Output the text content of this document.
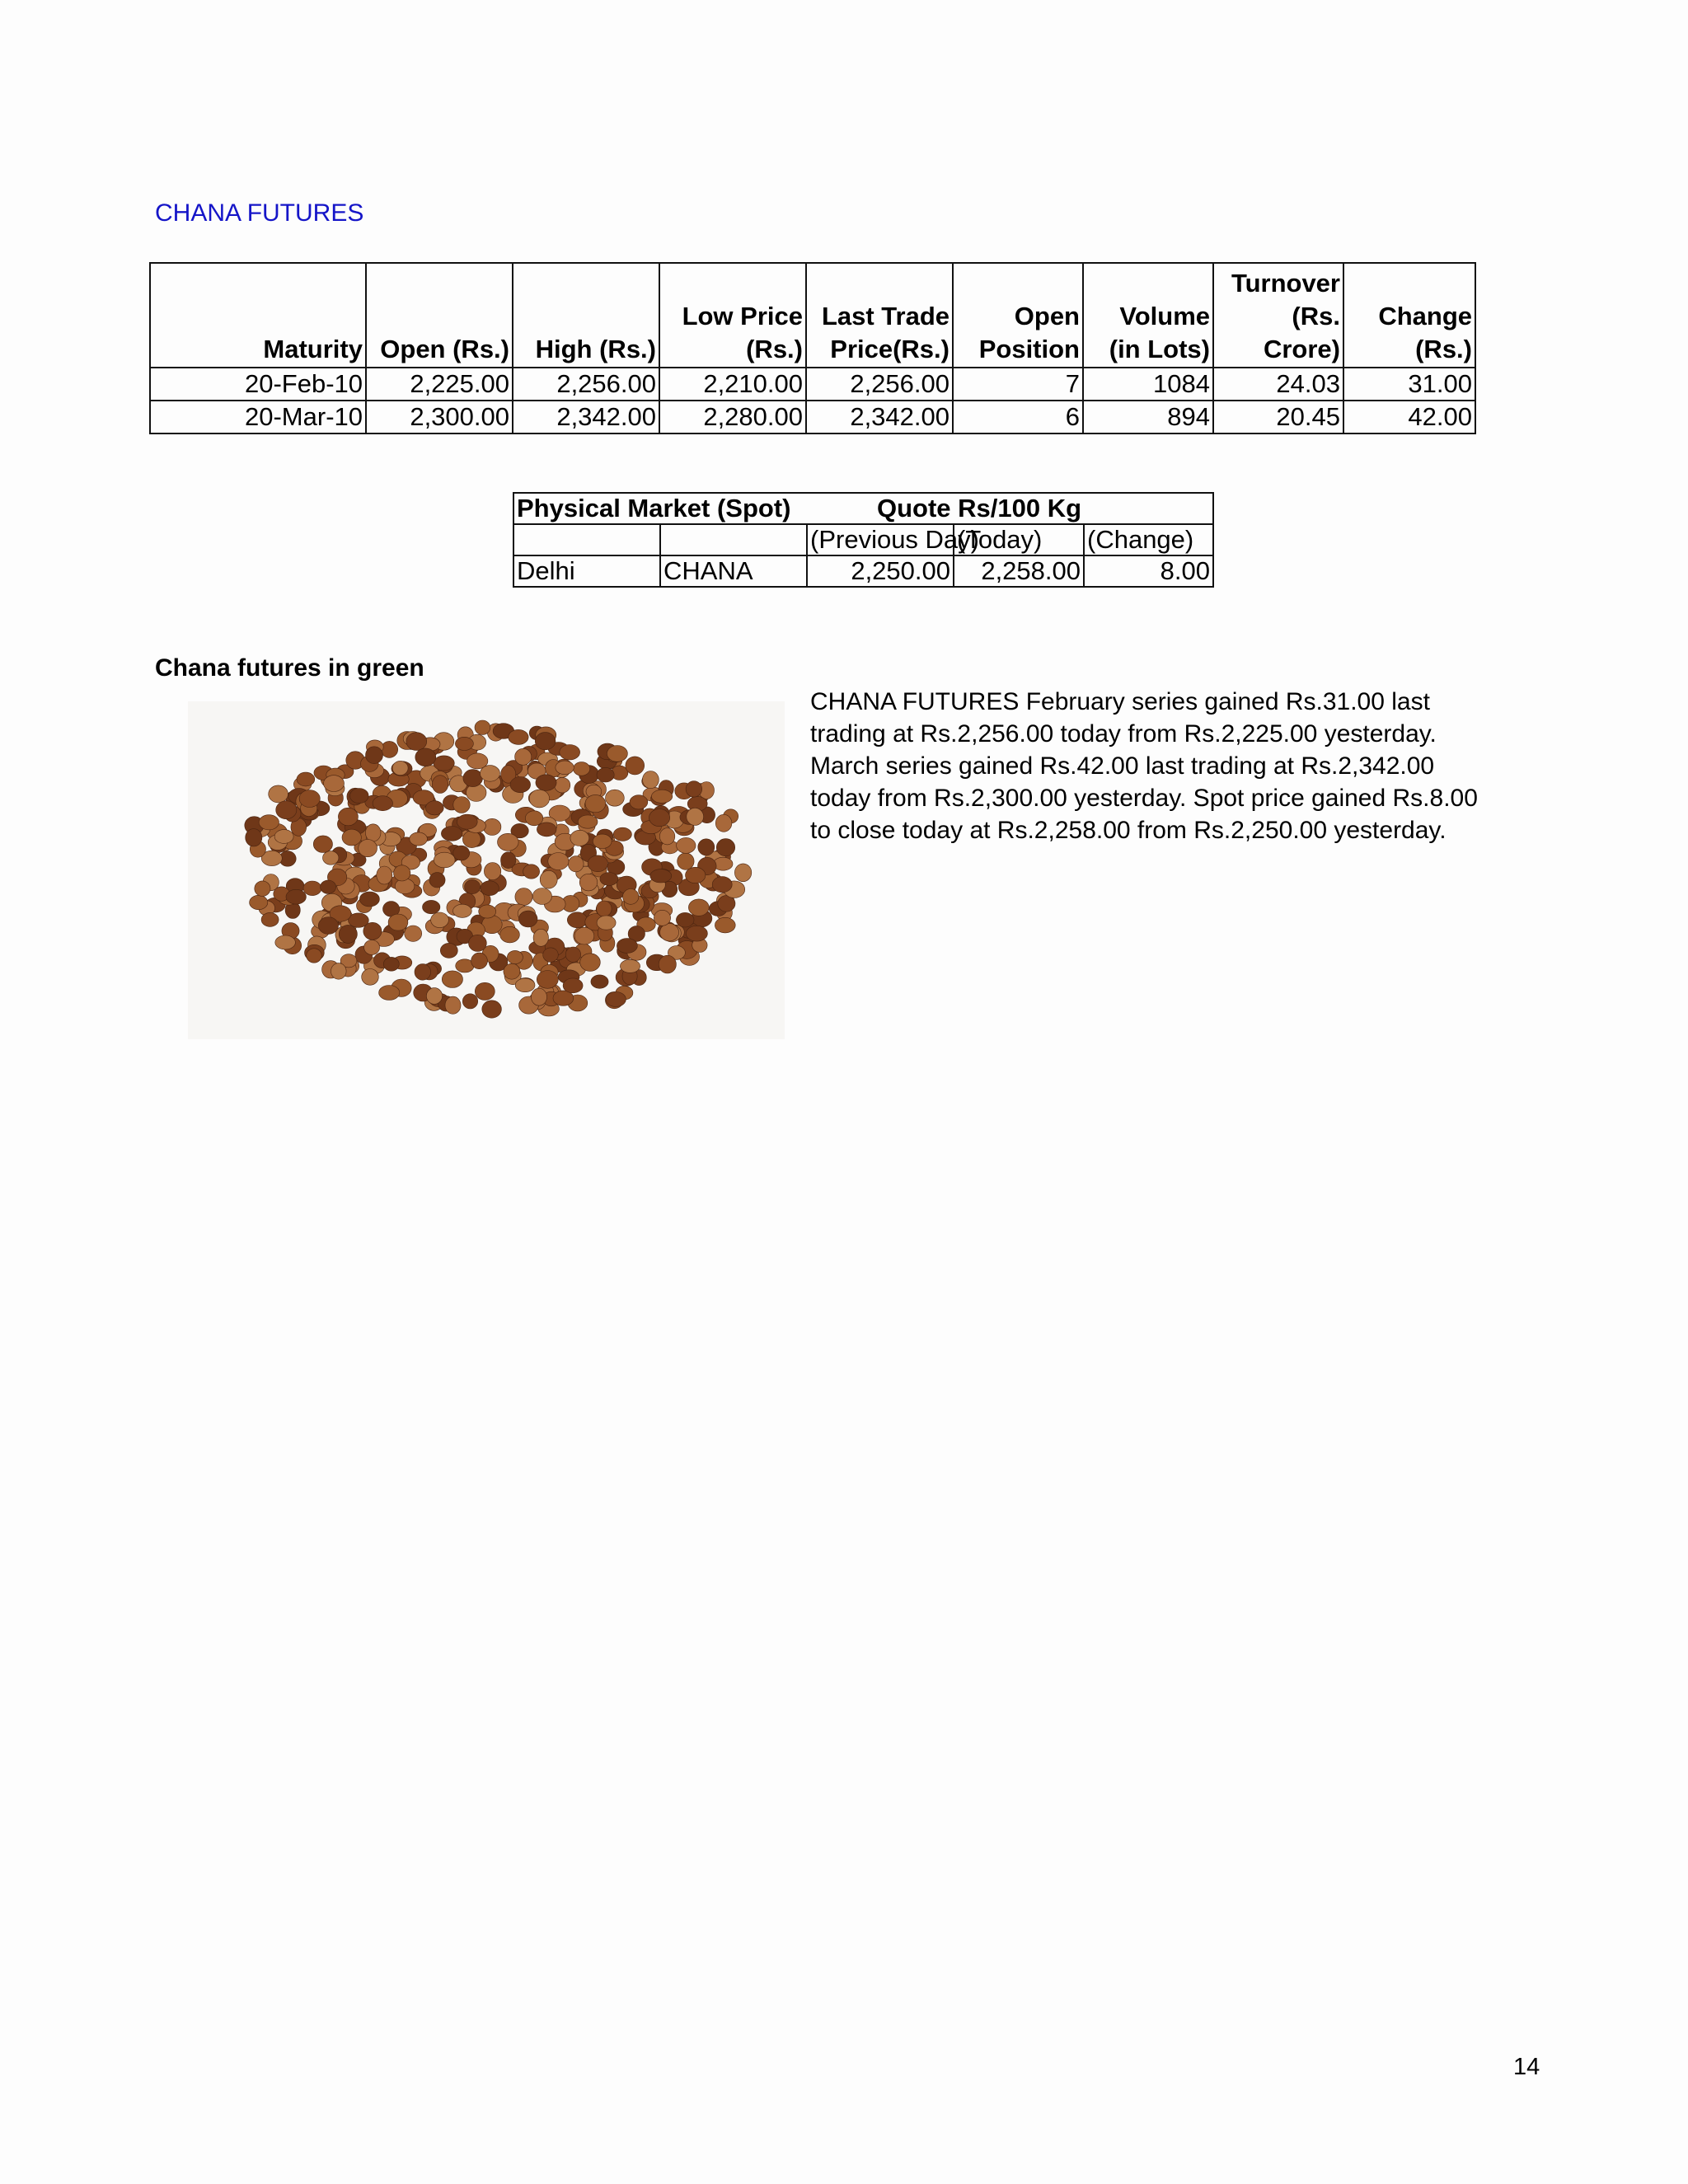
CHANA FUTURES
Maturity	Open (Rs.)	High (Rs.)	Low Price (Rs.)	Last Trade Price(Rs.)	Open Position	Volume (in Lots)	Turnover (Rs. Crore)	Change (Rs.)
20-Feb-10	2,225.00	2,256.00	2,210.00	2,256.00	7	1084	24.03	31.00
20-Mar-10	2,300.00	2,342.00	2,280.00	2,342.00	6	894	20.45	42.00
Physical Market (Spot) Quote Rs/100 Kg				

		(Previous Day)	(Today)	(Change)
Delhi	CHANA	2,250.00	2,258.00	8.00
Chana futures in green
CHANA FUTURES February series gained Rs.31.00 last trading at Rs.2,256.00 today from Rs.2,225.00 yesterday. March series gained Rs.42.00 last trading at Rs.2,342.00 today from Rs.2,300.00 yesterday. Spot price gained Rs.8.00 to close today at Rs.2,258.00 from Rs.2,250.00 yesterday.
14
